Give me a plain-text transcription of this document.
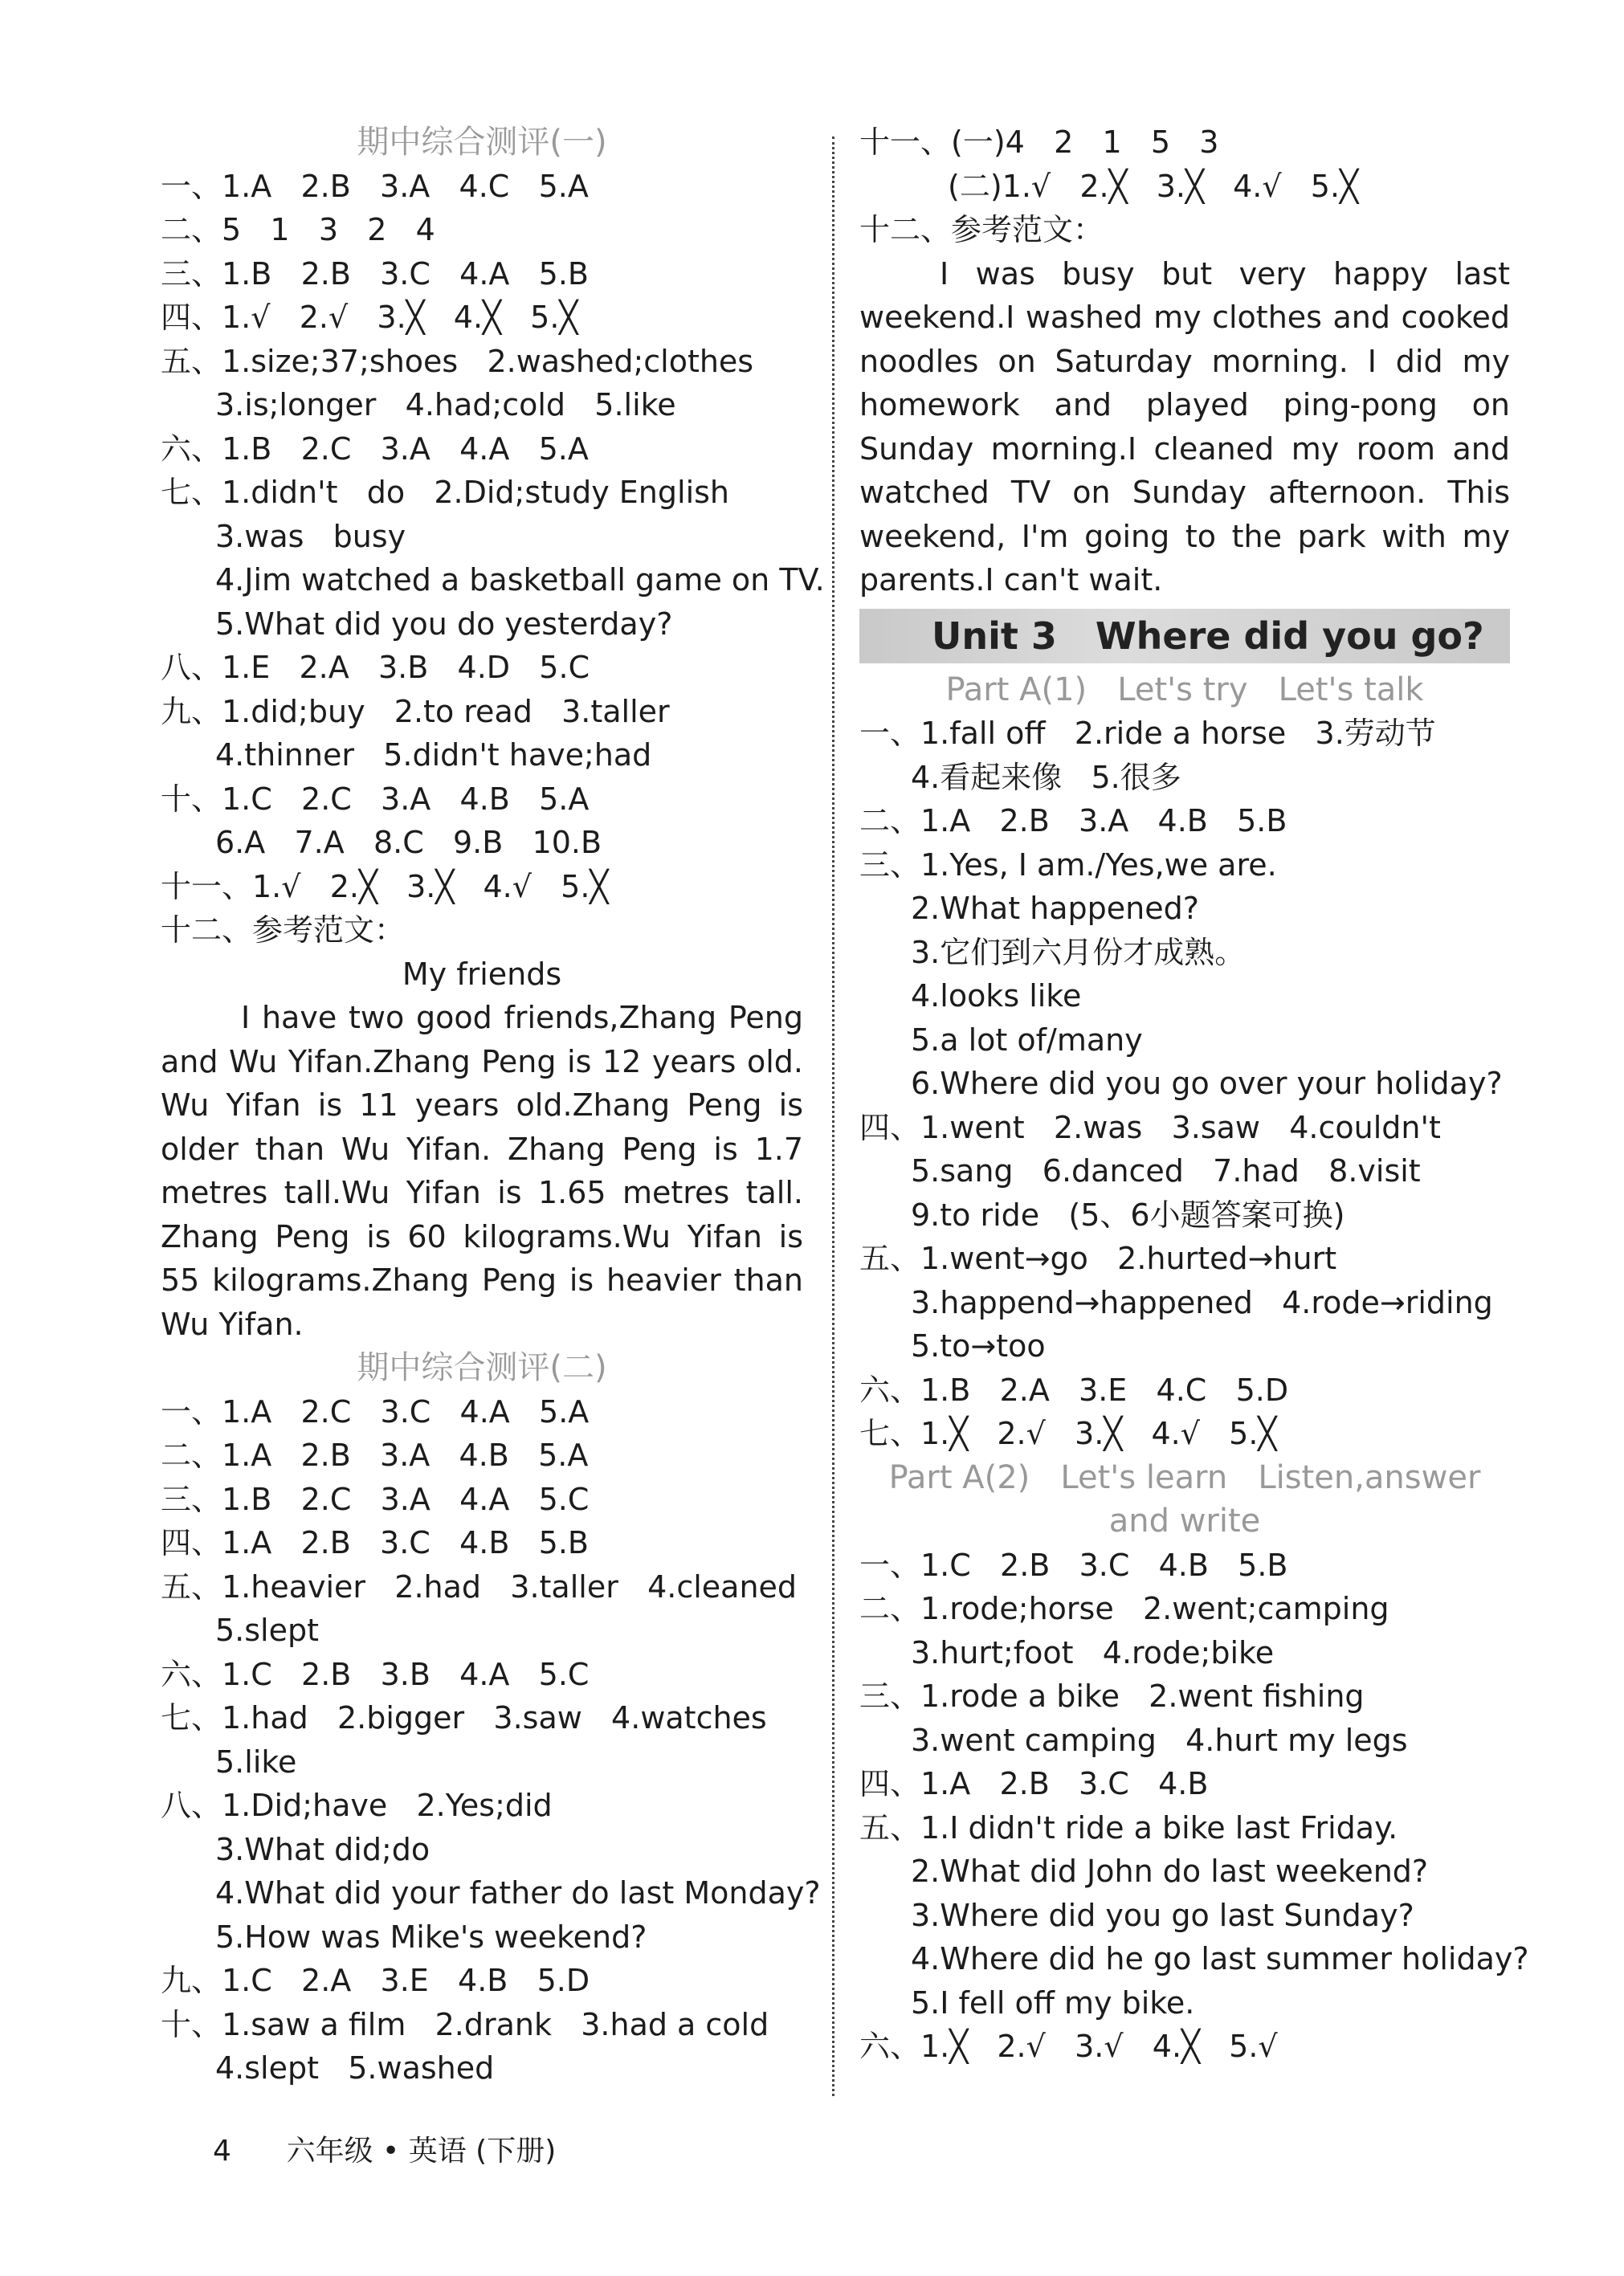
期中综合测评(一)
一、1.A   2.B   3.A   4.C   5.A
二、5   1   3   2   4
三、1.B   2.B   3.C   4.A   5.B
四、1.√   2.√   3.╳   4.╳   5.╳
五、1.size;37;shoes   2.washed;clothes
3.is;longer   4.had;cold   5.like
六、1.B   2.C   3.A   4.A   5.A
七、1.didn't   do   2.Did;study English
3.was   busy
4.Jim watched a basketball game on TV.
5.What did you do yesterday?
八、1.E   2.A   3.B   4.D   5.C
九、1.did;buy   2.to read   3.taller
4.thinner   5.didn't have;had
十、1.C   2.C   3.A   4.B   5.A
6.A   7.A   8.C   9.B   10.B
十一、1.√   2.╳   3.╳   4.√   5.╳
十二、参考范文：
My friends

I have two good friends,Zhang Peng and Wu Yifan.Zhang Peng is 12 years old. Wu Yifan is 11 years old.Zhang Peng is older than Wu Yifan. Zhang Peng is 1.7 metres tall.Wu Yifan is 1.65 metres tall. Zhang Peng is 60 kilograms.Wu Yifan is 55 kilograms.Zhang Peng is heavier than Wu Yifan.

期中综合测评(二)
一、1.A   2.C   3.C   4.A   5.A
二、1.A   2.B   3.A   4.B   5.A
三、1.B   2.C   3.A   4.A   5.C
四、1.A   2.B   3.C   4.B   5.B
五、1.heavier   2.had   3.taller   4.cleaned
5.slept
六、1.C   2.B   3.B   4.A   5.C
七、1.had   2.bigger   3.saw   4.watches
5.like
八、1.Did;have   2.Yes;did
3.What did;do
4.What did your father do last Monday?
5.How was Mike's weekend?
九、1.C   2.A   3.E   4.B   5.D
十、1.saw a film   2.drank   3.had a cold
4.slept   5.washed
十一、(一)4   2   1   5   3
(二)1.√   2.╳   3.╳   4.√   5.╳
十二、参考范文：

I was busy but very happy last weekend.I washed my clothes and cooked noodles on Saturday morning. I did my homework and played ping-pong on Sunday morning.I cleaned my room and watched TV on Sunday afternoon. This weekend, I'm going to the park with my parents.I can't wait.

Unit 3   Where did you go?
Part A(1)   Let's try   Let's talk
一、1.fall off   2.ride a horse   3.劳动节
4.看起来像   5.很多
二、1.A   2.B   3.A   4.B   5.B
三、1.Yes, I am./Yes,we are.
2.What happened?
3.它们到六月份才成熟。
4.looks like
5.a lot of/many
6.Where did you go over your holiday?
四、1.went   2.was   3.saw   4.couldn't
5.sang   6.danced   7.had   8.visit
9.to ride   (5、6小题答案可换)
五、1.went→go   2.hurted→hurt
3.happend→happened   4.rode→riding
5.to→too
六、1.B   2.A   3.E   4.C   5.D
七、1.╳   2.√   3.╳   4.√   5.╳
Part A(2)   Let's learn   Listen,answer
and write
一、1.C   2.B   3.C   4.B   5.B
二、1.rode;horse   2.went;camping
3.hurt;foot   4.rode;bike
三、1.rode a bike   2.went fishing
3.went camping   4.hurt my legs
四、1.A   2.B   3.C   4.B
五、1.I didn't ride a bike last Friday.
2.What did John do last weekend?
3.Where did you go last Sunday?
4.Where did he go last summer holiday?
5.I fell off my bike.
六、1.╳   2.√   3.√   4.╳   5.√
4 六年级 • 英语 (下册)
